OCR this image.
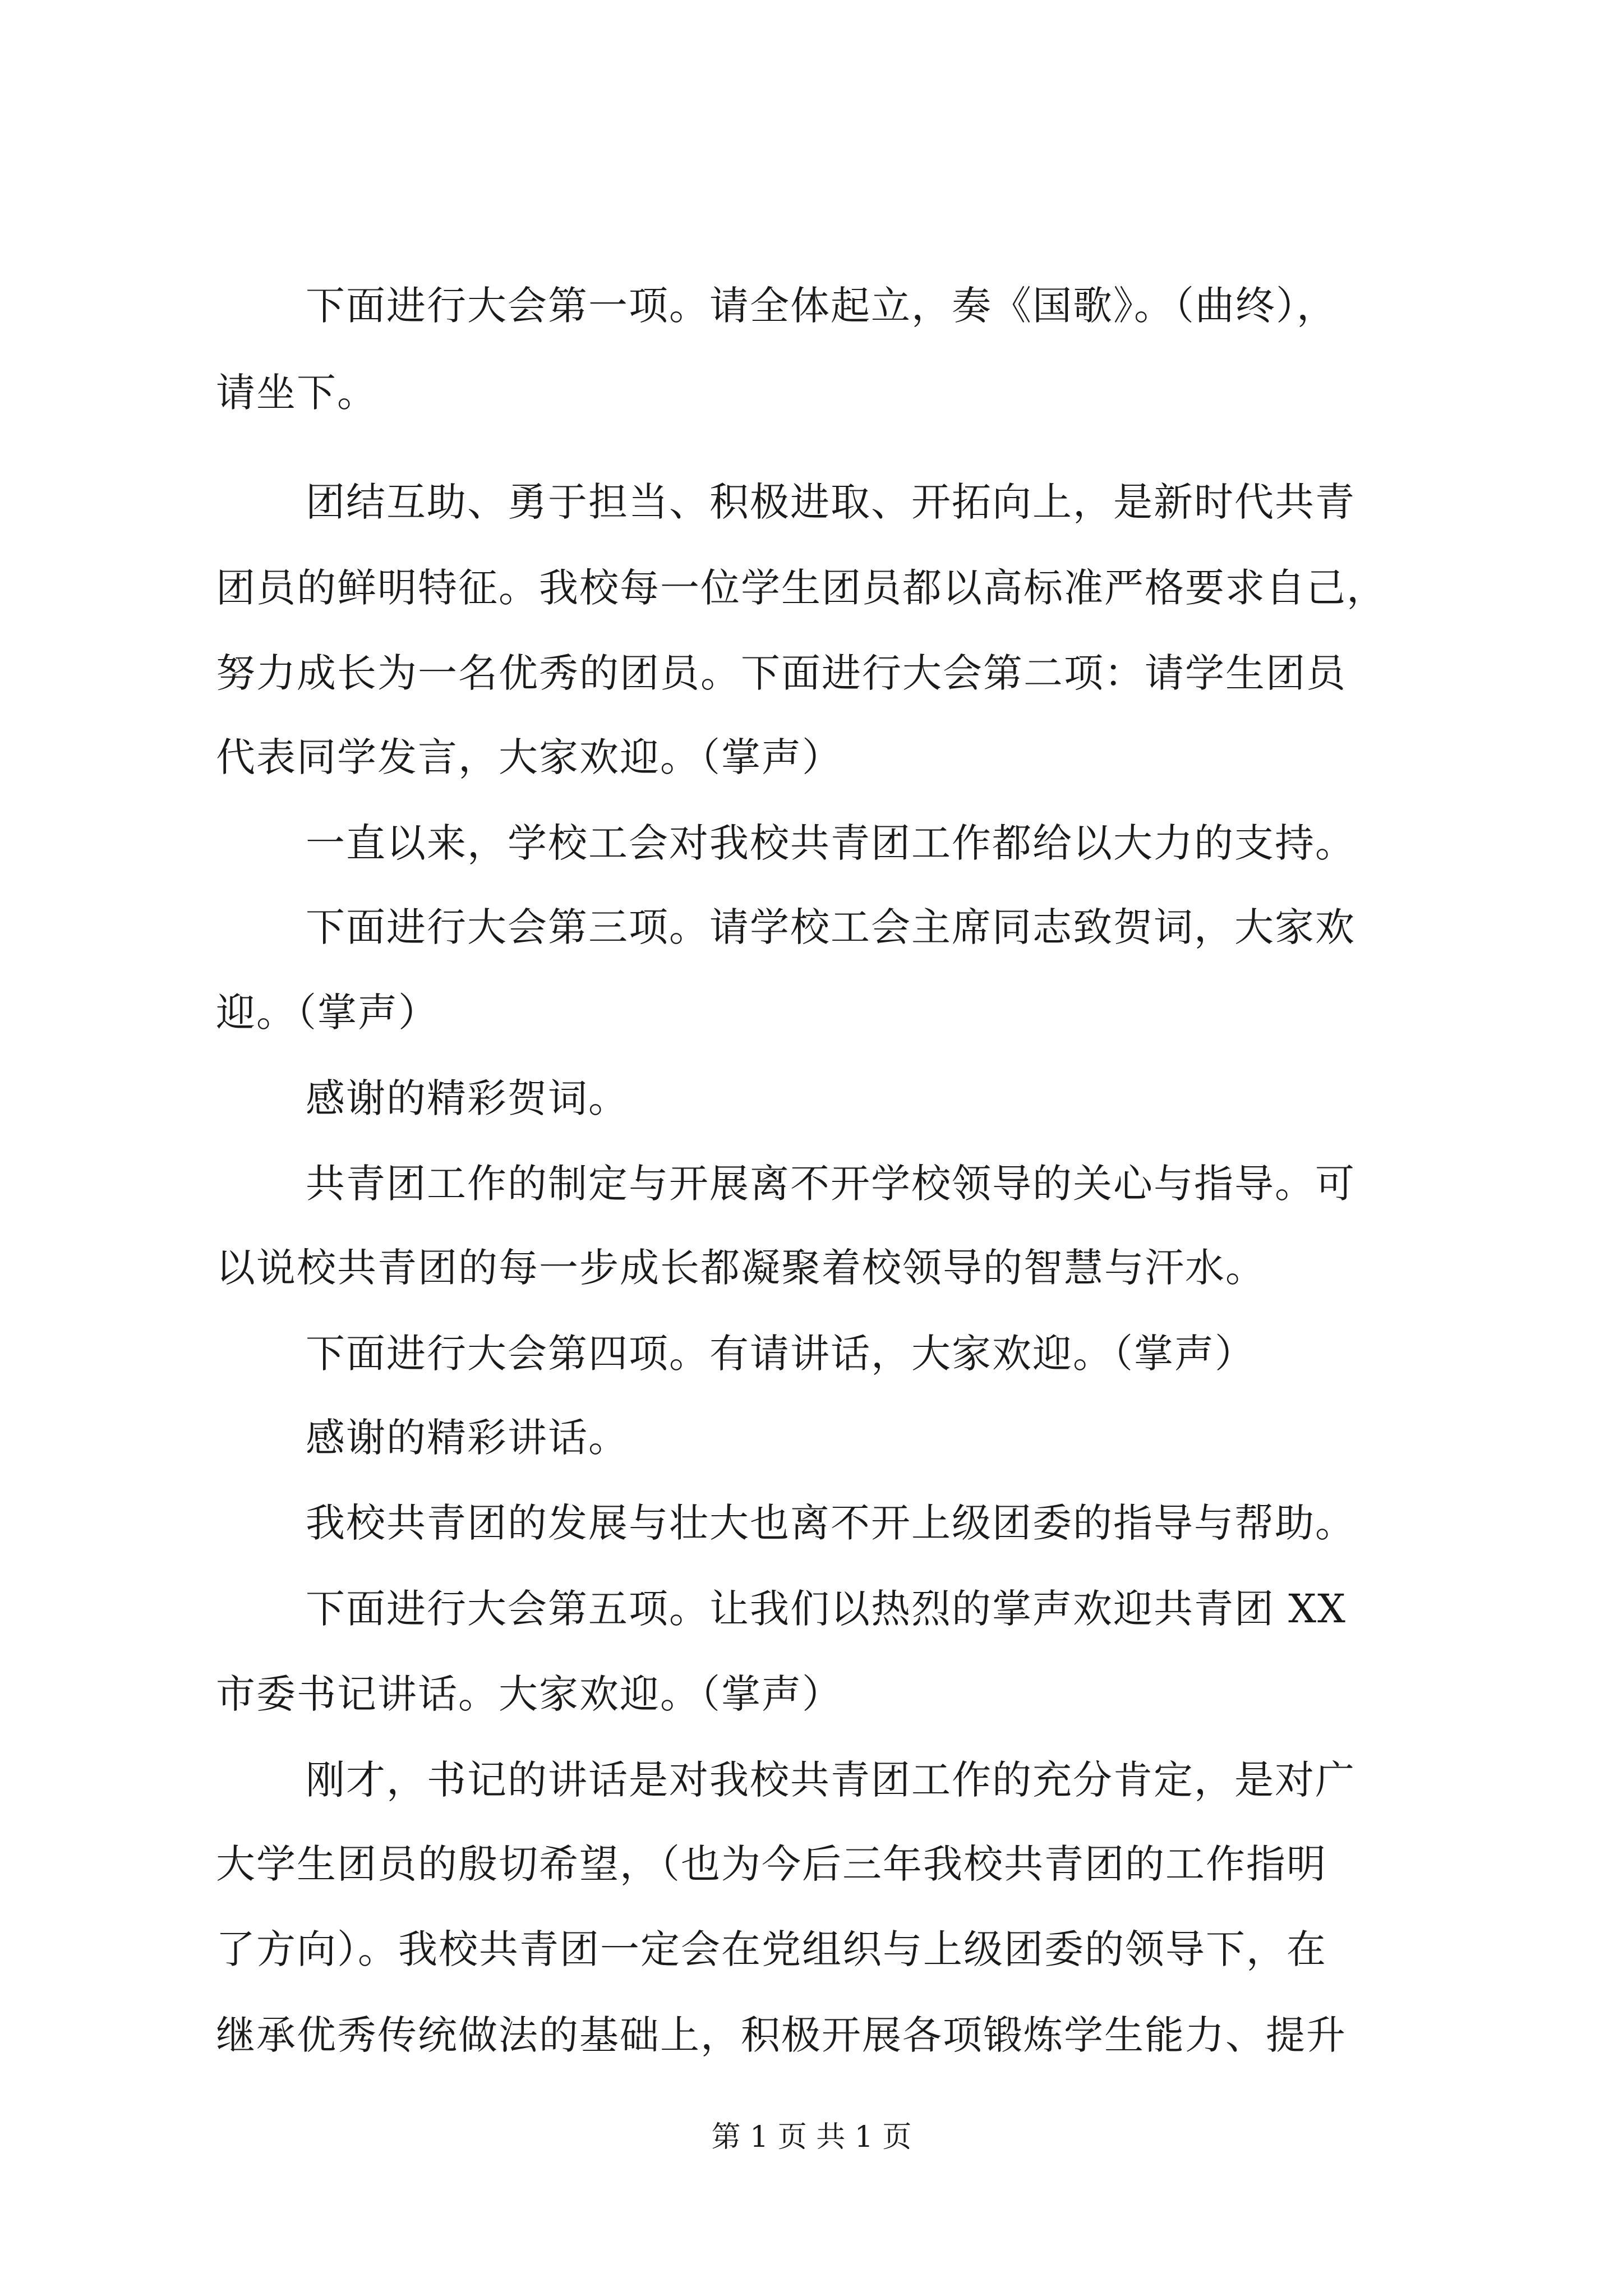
下面进行大会第一项。请全体起立，奏《国歌》。（曲终），

请坐下。

团结互助、勇于担当、积极进取、开拓向上，是新时代共青

团员的鲜明特征。我校每一位学生团员都以高标准严格要求自己，

努力成长为一名优秀的团员。下面进行大会第二项：请学生团员

代表同学发言，大家欢迎。（掌声）

一直以来，学校工会对我校共青团工作都给以大力的支持。

下面进行大会第三项。请学校工会主席同志致贺词，大家欢

迎。（掌声）

感谢的精彩贺词。

共青团工作的制定与开展离不开学校领导的关心与指导。可

以说校共青团的每一步成长都凝聚着校领导的智慧与汗水。

下面进行大会第四项。有请讲话，大家欢迎。（掌声）

感谢的精彩讲话。

我校共青团的发展与壮大也离不开上级团委的指导与帮助。

下面进行大会第五项。让我们以热烈的掌声欢迎共青团 XX

市委书记讲话。大家欢迎。（掌声）

刚才，书记的讲话是对我校共青团工作的充分肯定，是对广

大学生团员的殷切希望，（也为今后三年我校共青团的工作指明

了方向）。我校共青团一定会在党组织与上级团委的领导下，在

继承优秀传统做法的基础上，积极开展各项锻炼学生能力、提升

第 1 页 共 1 页
